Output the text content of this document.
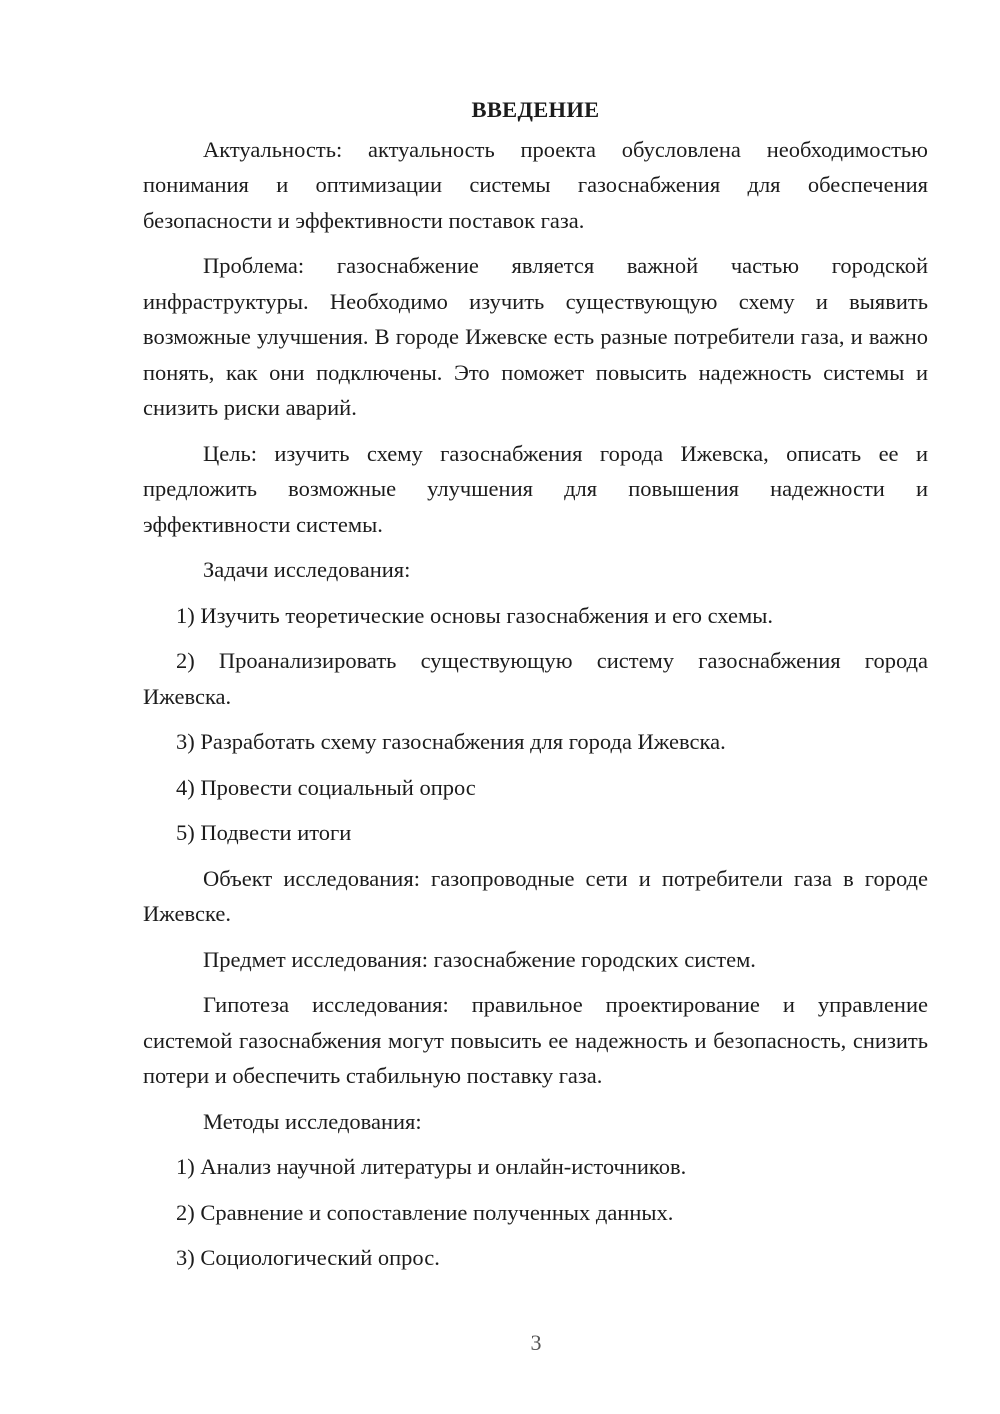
ВВЕДЕНИЕ

Актуальность: актуальность проекта обусловлена необходимостью понимания и оптимизации системы газоснабжения для обеспечения безопасности и эффективности поставок газа.

Проблема: газоснабжение является важной частью городской инфраструктуры. Необходимо изучить существующую схему и выявить возможные улучшения. В городе Ижевске есть разные потребители газа, и важно понять, как они подключены. Это поможет повысить надежность системы и снизить риски аварий.

Цель: изучить схему газоснабжения города Ижевска, описать ее и предложить возможные улучшения для повышения надежности и эффективности системы.

Задачи исследования:

1) Изучить теоретические основы газоснабжения и его схемы.

2) Проанализировать существующую систему газоснабжения города Ижевска.

3) Разработать схему газоснабжения для города Ижевска.

4) Провести социальный опрос

5) Подвести итоги

Объект исследования: газопроводные сети и потребители газа в городе Ижевске.

Предмет исследования: газоснабжение городских систем.

Гипотеза исследования: правильное проектирование и управление системой газоснабжения могут повысить ее надежность и безопасность, снизить потери и обеспечить стабильную поставку газа.

Методы исследования:

1) Анализ научной литературы и онлайн-источников.

2) Сравнение и сопоставление полученных данных.

3) Социологический опрос.

3
